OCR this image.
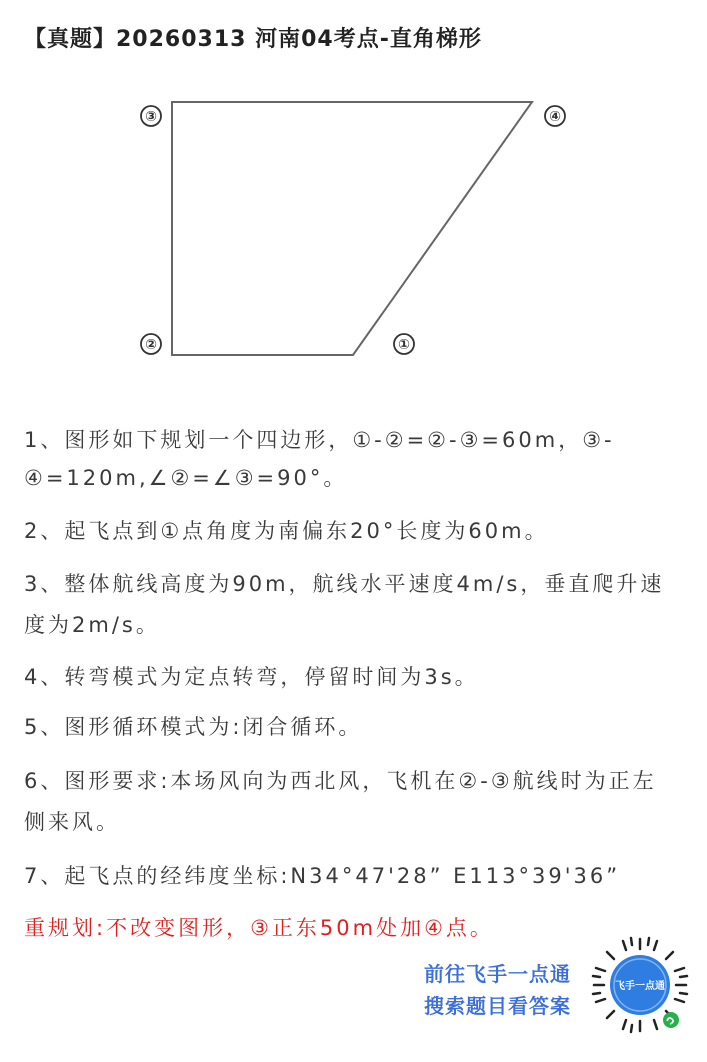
【真题】20260313 河南04考点-直角梯形
③	④
②	①
1、图形如下规划一个四边形，①-②=②-③=60m，③-
④=120m,∠②=∠③=90°。
2、起飞点到①点角度为南偏东20°长度为60m。
3、整体航线高度为90m，航线水平速度4m/s，垂直爬升速
度为2m/s。
4、转弯模式为定点转弯，停留时间为3s。
5、图形循环模式为:闭合循环。
6、图形要求:本场风向为西北风，飞机在②-③航线时为正左
侧来风。
7、起飞点的经纬度坐标:N34°47'28” E113°39'36”
重规划:不改变图形，③正东50m处加④点。
前往飞手一点通
搜索题目看答案
飞手一点通
